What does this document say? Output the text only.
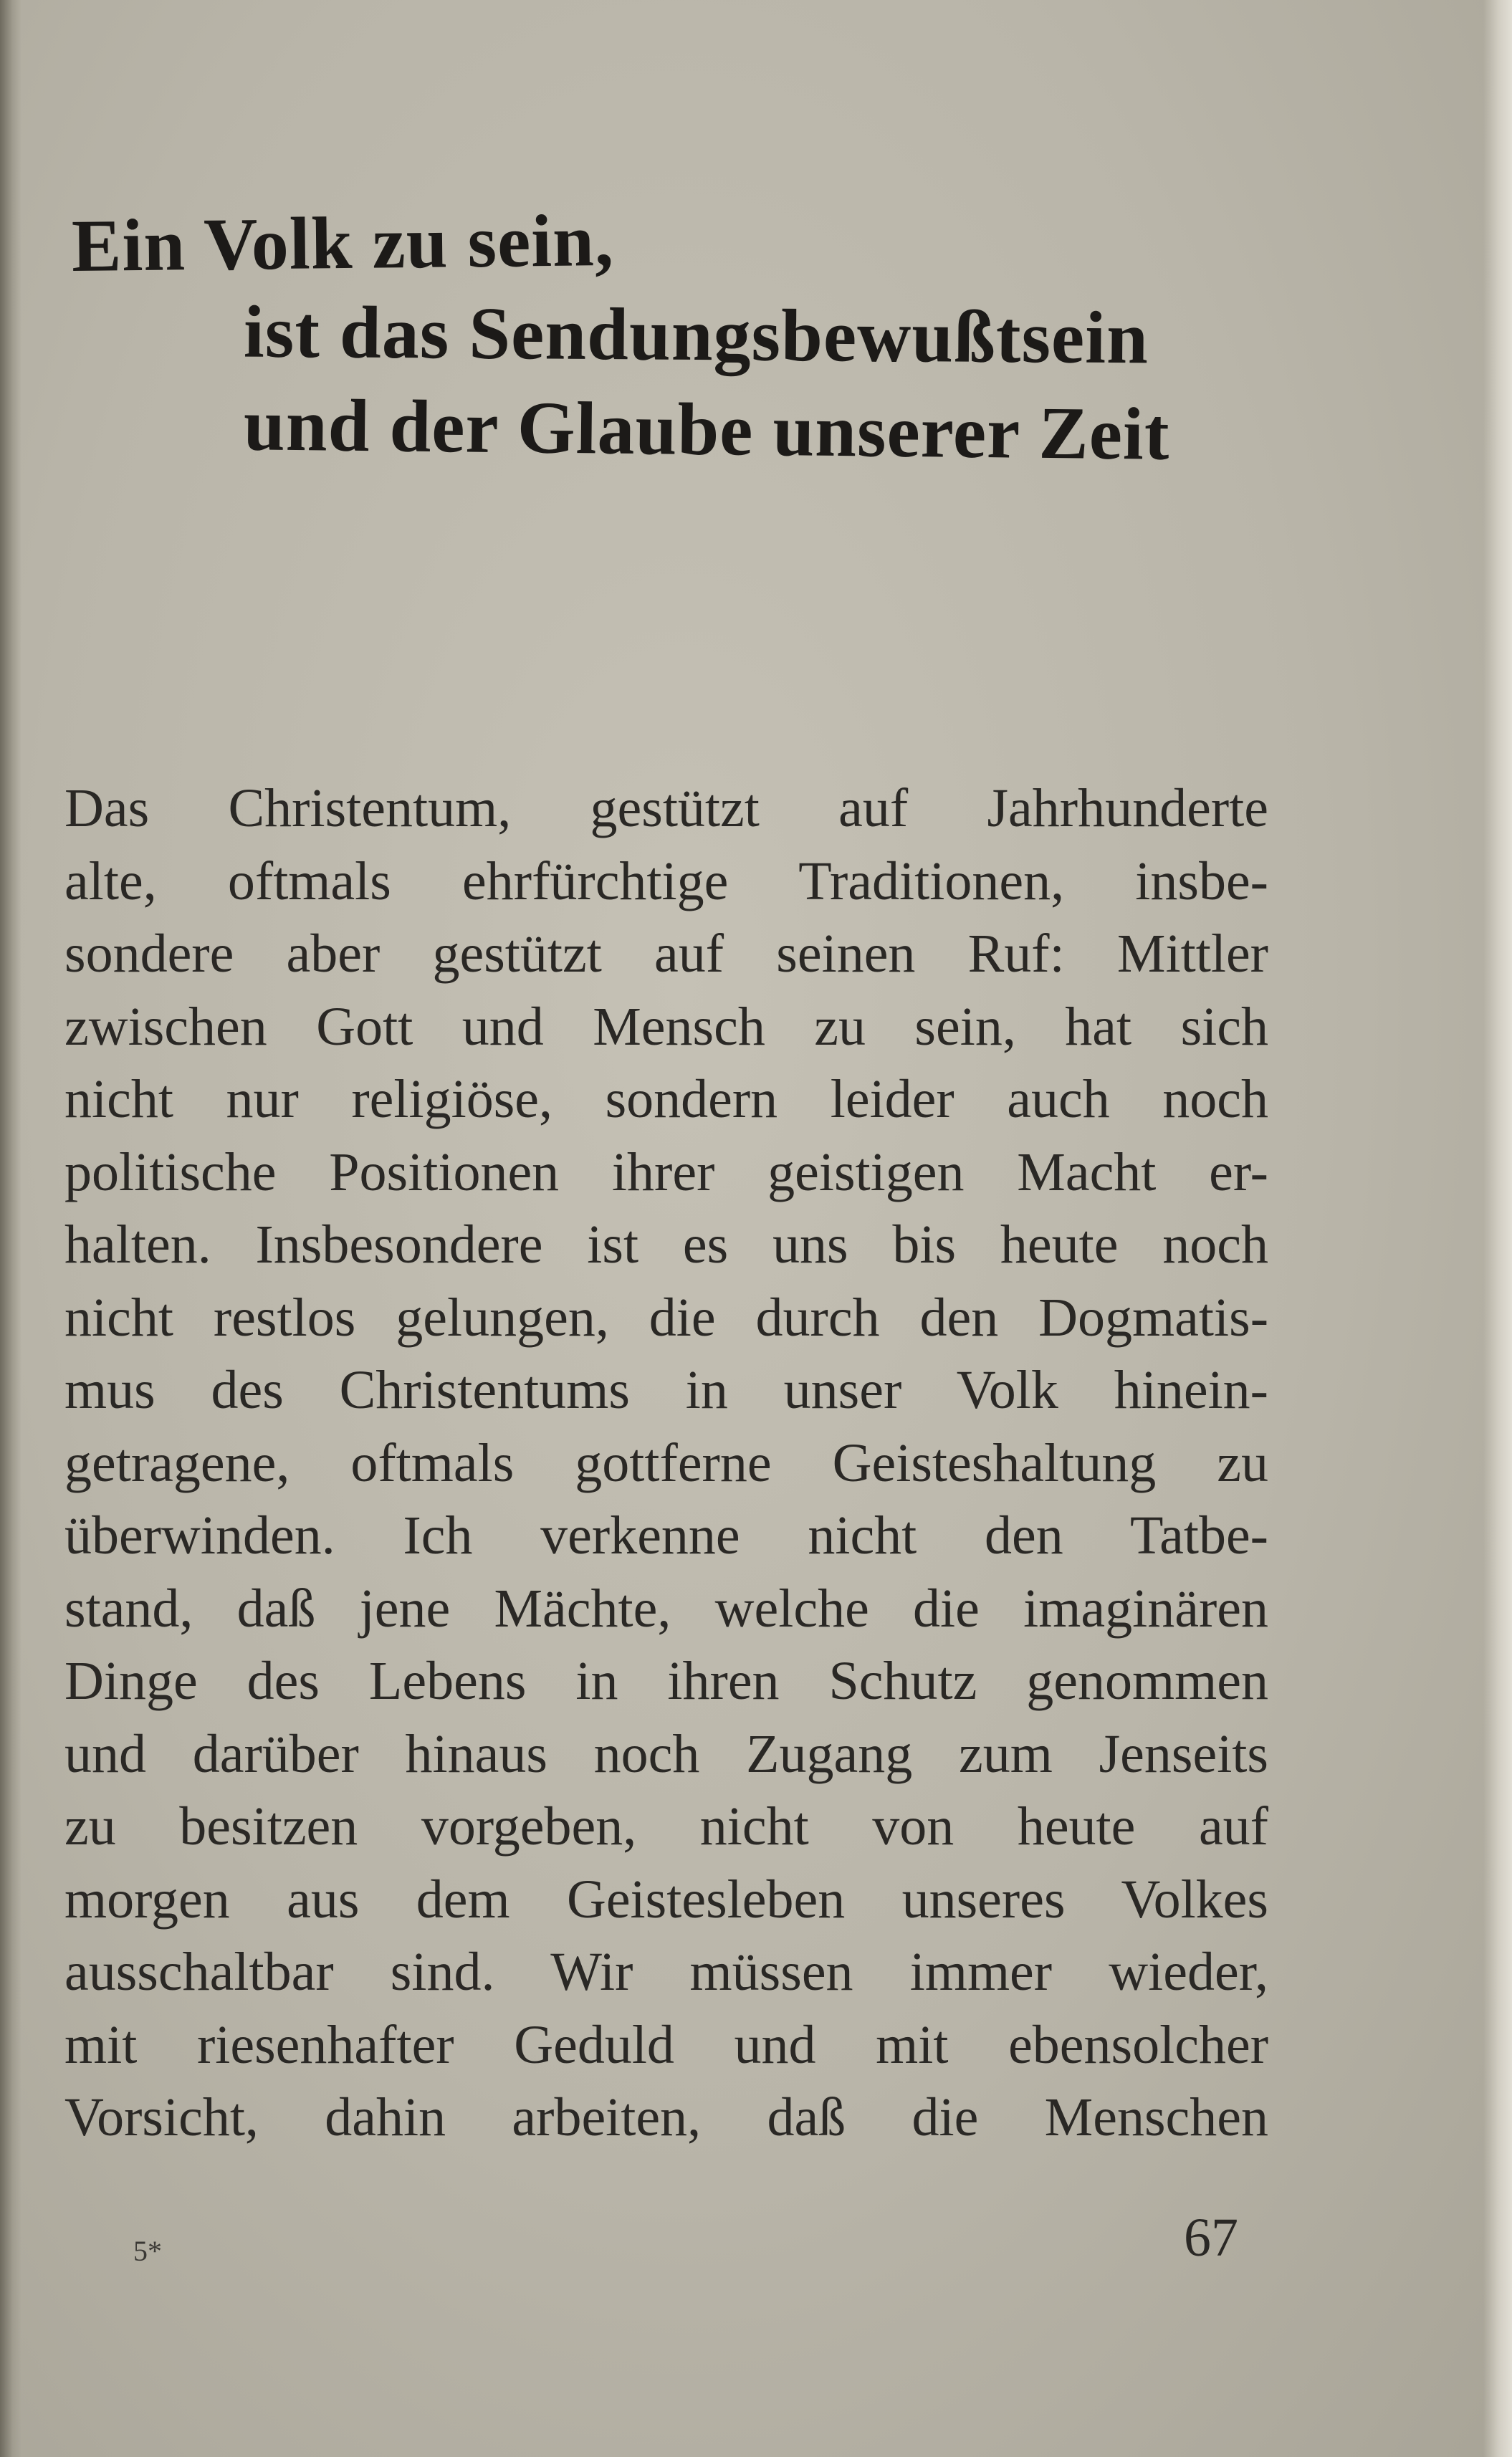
Ein Volk zu sein,
ist das Sendungsbewußtsein
und der Glaube unserer Zeit
Das Christentum, gestützt auf Jahrhunderte
alte, oftmals ehrfürchtige Traditionen, insbe-
sondere aber gestützt auf seinen Ruf: Mittler
zwischen Gott und Mensch zu sein, hat sich
nicht nur religiöse, sondern leider auch noch
politische Positionen ihrer geistigen Macht er-
halten. Insbesondere ist es uns bis heute noch
nicht restlos gelungen, die durch den Dogmatis-
mus des Christentums in unser Volk hinein-
getragene, oftmals gottferne Geisteshaltung zu
überwinden. Ich verkenne nicht den Tatbe-
stand, daß jene Mächte, welche die imaginären
Dinge des Lebens in ihren Schutz genommen
und darüber hinaus noch Zugang zum Jenseits
zu besitzen vorgeben, nicht von heute auf
morgen aus dem Geistesleben unseres Volkes
ausschaltbar sind. Wir müssen immer wieder,
mit riesenhafter Geduld und mit ebensolcher
Vorsicht, dahin arbeiten, daß die Menschen
5*	67
